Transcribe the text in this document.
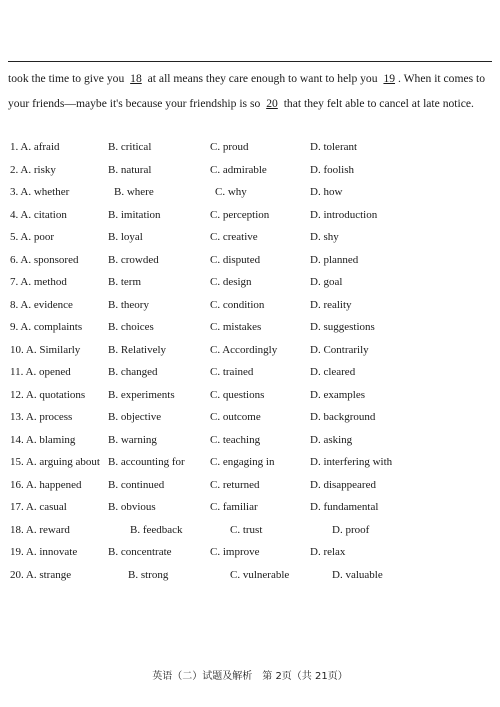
took the time to give you 18 at all means they care enough to want to help you 19 . When it comes to your friends—maybe it's because your friendship is so 20 that they felt able to cancel at late notice.
1. A. afraid	B. critical	C. proud	D. tolerant
2. A. risky	B. natural	C. admirable	D. foolish
3. A. whether	B. where	C. why	D. how
4. A. citation	B. imitation	C. perception	D. introduction
5. A. poor	B. loyal	C. creative	D. shy
6. A. sponsored	B. crowded	C. disputed	D. planned
7. A. method	B. term	C. design	D. goal
8. A. evidence	B. theory	C. condition	D. reality
9. A. complaints B. choices	C. mistakes	D. suggestions
10. A. Similarly	B. Relatively	C. Accordingly	D. Contrarily
11. A. opened	B. changed	C. trained	D. cleared
12. A. quotations B. experiments	C. questions	D. examples
13. A. process	B. objective	C. outcome	D. background
14. A. blaming	B. warning	C. teaching	D. asking
15. A. arguing about B. accounting for C. engaging in	D. interfering with
16. A. happened B. continued	C. returned	D. disappeared
17. A. casual	B. obvious	C. familiar	D. fundamental
18. A. reward	B. feedback	C. trust	D. proof
19. A. innovate	B. concentrate	C. improve	D. relax
20. A. strange	B. strong	C. vulnerable	D. valuable
英语（二）试题及解析　第 2页（共 21页）
